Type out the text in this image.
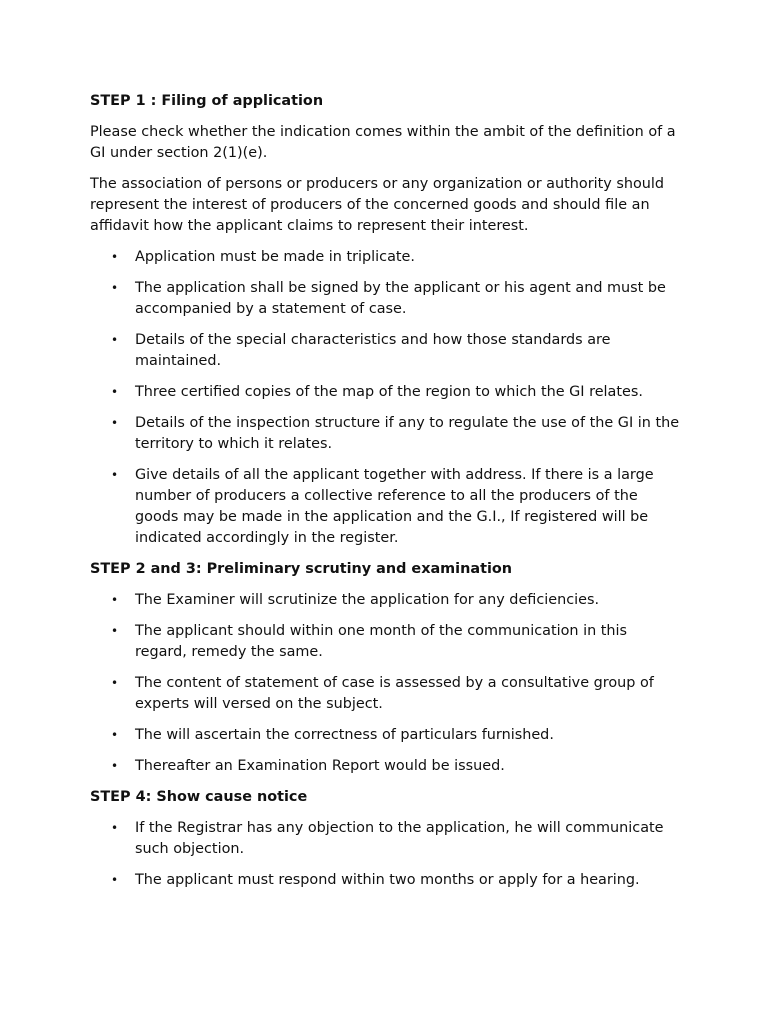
STEP 1 : Filing of application

Please check whether the indication comes within the ambit of the definition of a GI under section 2(1)(e).

The association of persons or producers or any organization or authority should represent the interest of producers of the concerned goods and should file an affidavit how the applicant claims to represent their interest.

• Application must be made in triplicate.
• The application shall be signed by the applicant or his agent and must be accompanied by a statement of case.
• Details of the special characteristics and how those standards are maintained.
• Three certified copies of the map of the region to which the GI relates.
• Details of the inspection structure if any to regulate the use of the GI in the territory to which it relates.
• Give details of all the applicant together with address. If there is a large number of producers a collective reference to all the producers of the goods may be made in the application and the G.I., If registered will be indicated accordingly in the register.
STEP 2 and 3: Preliminary scrutiny and examination
• The Examiner will scrutinize the application for any deficiencies.
• The applicant should within one month of the communication in this regard, remedy the same.
• The content of statement of case is assessed by a consultative group of experts will versed on the subject.
• The will ascertain the correctness of particulars furnished.
• Thereafter an Examination Report would be issued.
STEP 4: Show cause notice
• If the Registrar has any objection to the application, he will communicate such objection.
• The applicant must respond within two months or apply for a hearing.
